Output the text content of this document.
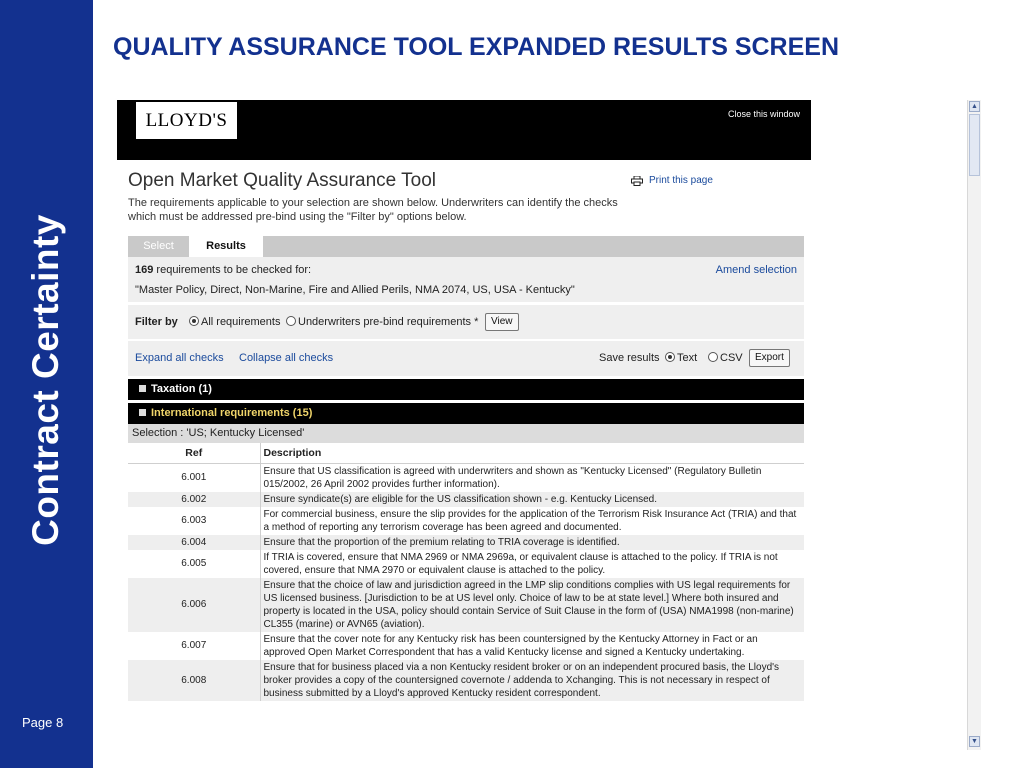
Contract Certainty
Page 8
QUALITY ASSURANCE TOOL EXPANDED RESULTS SCREEN
LLOYD'S	Close this window
▲
▼
Open Market Quality Assurance Tool	Print this page
The requirements applicable to your selection are shown below. Underwriters can identify the checks which must be addressed pre-bind using the "Filter by" options below.
Select	Results
169 requirements to be checked for:	Amend selection
"Master Policy, Direct, Non-Marine, Fire and Allied Perils, NMA 2074, US, USA - Kentucky"
Filter by	All requirements	Underwriters pre-bind requirements *	View
Expand all checks Collapse all checks	Save results	Text	CSV	Export
Taxation (1)
International requirements (15)
Selection : 'US; Kentucky Licensed'
Ref	Description
6.001	Ensure that US classification is agreed with underwriters and shown as "Kentucky Licensed" (Regulatory Bulletin 015/2002, 26 April 2002 provides further information).
6.002	Ensure syndicate(s) are eligible for the US classification shown - e.g. Kentucky Licensed.
6.003	For commercial business, ensure the slip provides for the application of the Terrorism Risk Insurance Act (TRIA) and that a method of reporting any terrorism coverage has been agreed and documented.
6.004	Ensure that the proportion of the premium relating to TRIA coverage is identified.
6.005	If TRIA is covered, ensure that NMA 2969 or NMA 2969a, or equivalent clause is attached to the policy. If TRIA is not covered, ensure that NMA 2970 or equivalent clause is attached to the policy.
6.006	Ensure that the choice of law and jurisdiction agreed in the LMP slip conditions complies with US legal requirements for US licensed business. [Jurisdiction to be at US level only. Choice of law to be at state level.] Where both insured and property is located in the USA, policy should contain Service of Suit Clause in the form of (USA) NMA1998 (non-marine) CL355 (marine) or AVN65 (aviation).
6.007	Ensure that the cover note for any Kentucky risk has been countersigned by the Kentucky Attorney in Fact or an approved Open Market Correspondent that has a valid Kentucky license and signed a Kentucky undertaking.
6.008	Ensure that for business placed via a non Kentucky resident broker or on an independent procured basis, the Lloyd's broker provides a copy of the countersigned covernote / addenda to Xchanging. This is not necessary in respect of business submitted by a Lloyd's approved Kentucky resident correspondent.
